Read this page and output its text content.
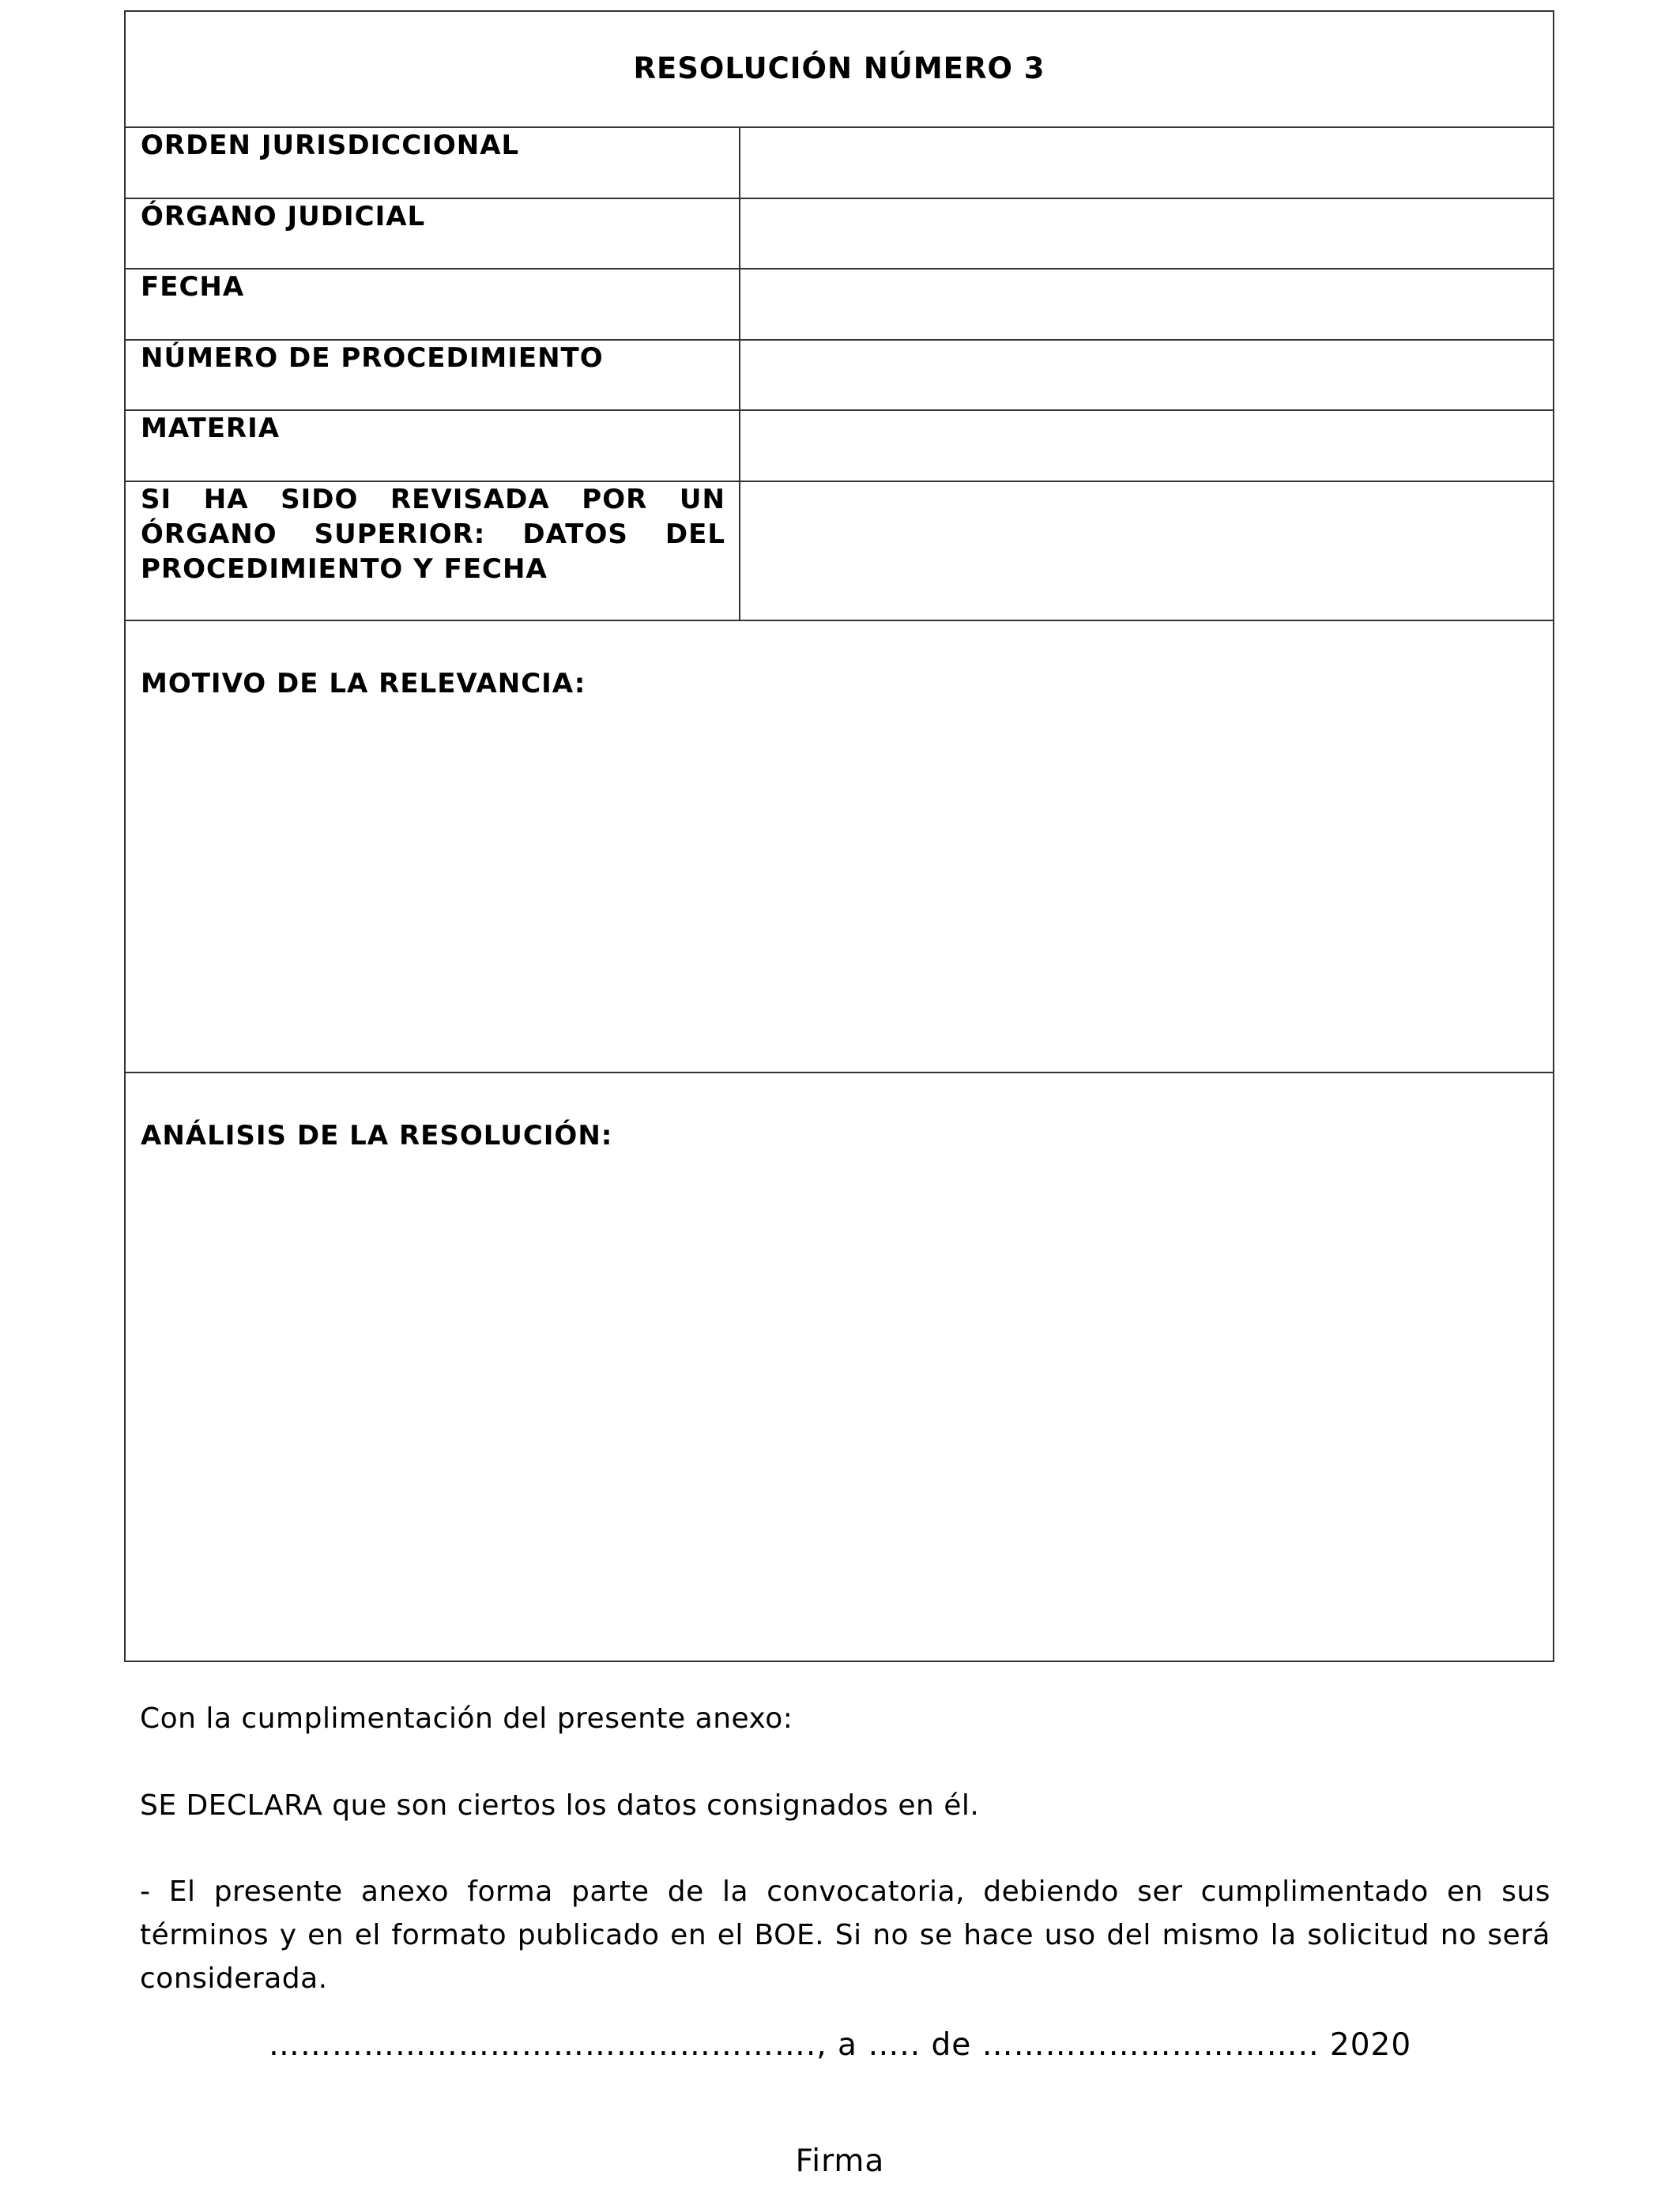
RESOLUCIÓN NÚMERO 3
ORDEN JURISDICCIONAL
ÓRGANO JUDICIAL
FECHA
NÚMERO DE PROCEDIMIENTO
MATERIA
SI HA SIDO REVISADA POR UN ÓRGANO SUPERIOR: DATOS DEL PROCEDIMIENTO Y FECHA
MOTIVO DE LA RELEVANCIA:
ANÁLISIS DE LA RESOLUCIÓN:
Con la cumplimentación del presente anexo:
SE DECLARA que son ciertos los datos consignados en él.
- El presente anexo forma parte de la convocatoria, debiendo ser cumplimentado en sus términos y en el formato publicado en el BOE. Si no se hace uso del mismo la solicitud no será considerada.
……………………………………………., a ….. de ………………………….. 2020
Firma
